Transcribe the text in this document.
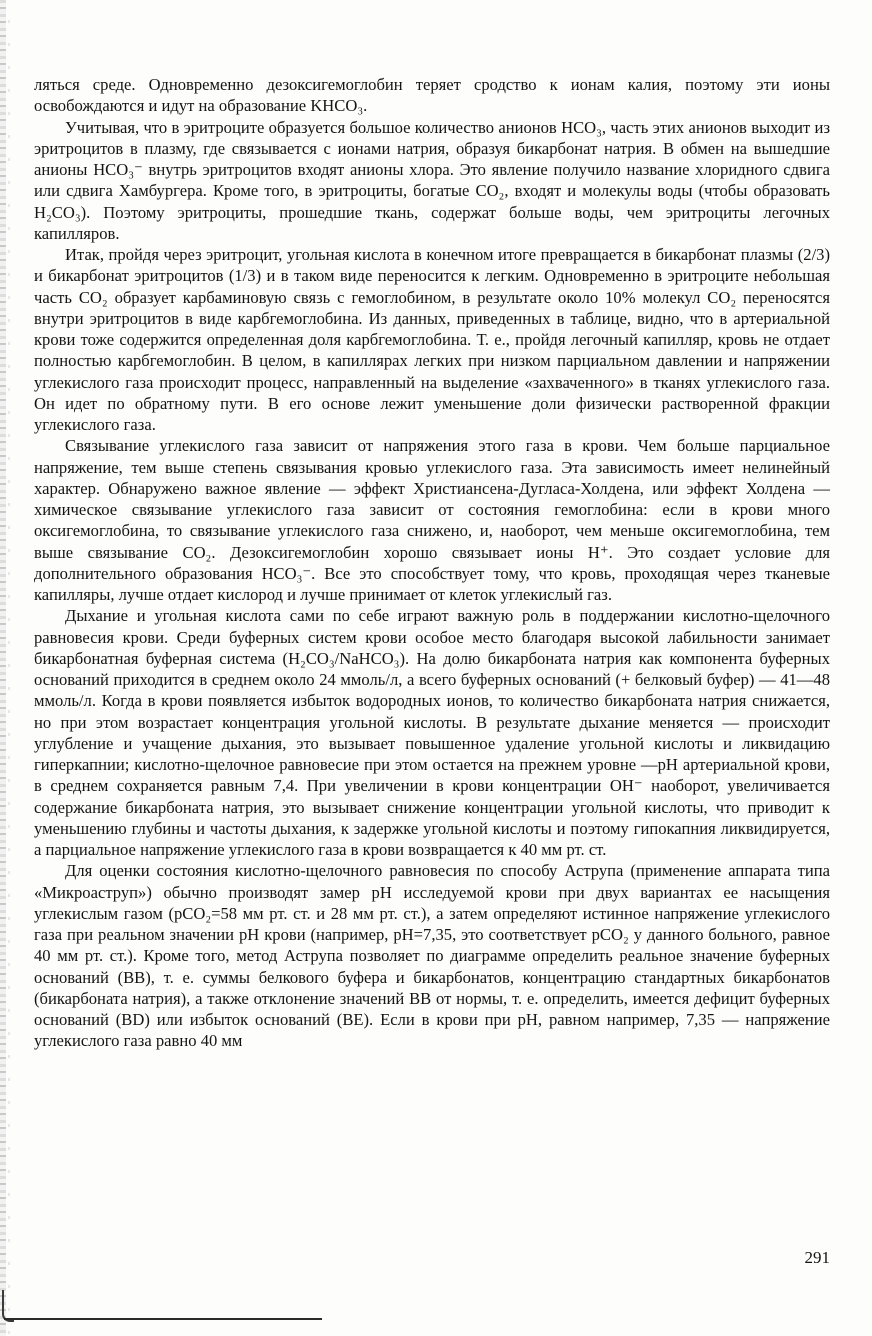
ляться среде. Одновременно дезоксигемоглобин теряет сродство к ионам калия, поэтому эти ионы освобождаются и идут на образование KHCO₃.

Учитывая, что в эритроците образуется большое количество анионов HCO₃, часть этих анионов выходит из эритроцитов в плазму, где связывается с ионами натрия, образуя бикарбонат натрия. В обмен на вышедшие анионы HCO₃⁻ внутрь эритроцитов входят анионы хлора. Это явление получило название хлоридного сдвига или сдвига Хамбургера. Кроме того, в эритроциты, богатые CO₂, входят и молекулы воды (чтобы образовать H₂CO₃). Поэтому эритроциты, прошедшие ткань, содержат больше воды, чем эритроциты легочных капилляров.

Итак, пройдя через эритроцит, угольная кислота в конечном итоге превращается в бикарбонат плазмы (2/3) и бикарбонат эритроцитов (1/3) и в таком виде переносится к легким. Одновременно в эритроците небольшая часть CO₂ образует карбаминовую связь с гемоглобином, в результате около 10% молекул CO₂ переносятся внутри эритроцитов в виде карбгемоглобина. Из данных, приведенных в таблице, видно, что в артериальной крови тоже содержится определенная доля карбгемоглобина. Т. е., пройдя легочный капилляр, кровь не отдает полностью карбгемоглобин. В целом, в капиллярах легких при низком парциальном давлении и напряжении углекислого газа происходит процесс, направленный на выделение «захваченного» в тканях углекислого газа. Он идет по обратному пути. В его основе лежит уменьшение доли физически растворенной фракции углекислого газа.

Связывание углекислого газа зависит от напряжения этого газа в крови. Чем больше парциальное напряжение, тем выше степень связывания кровью углекислого газа. Эта зависимость имеет нелинейный характер. Обнаружено важное явление — эффект Христиансена-Дугласа-Холдена, или эффект Холдена — химическое связывание углекислого газа зависит от состояния гемоглобина: если в крови много оксигемоглобина, то связывание углекислого газа снижено, и, наоборот, чем меньше оксигемоглобина, тем выше связывание CO₂. Дезоксигемоглобин хорошо связывает ионы H⁺. Это создает условие для дополнительного образования HCO₃⁻. Все это способствует тому, что кровь, проходящая через тканевые капилляры, лучше отдает кислород и лучше принимает от клеток углекислый газ.

Дыхание и угольная кислота сами по себе играют важную роль в поддержании кислотно-щелочного равновесия крови. Среди буферных систем крови особое место благодаря высокой лабильности занимает бикарбонатная буферная система (H₂CO₃/NaHCO₃). На долю бикарбоната натрия как компонента буферных оснований приходится в среднем около 24 ммоль/л, а всего буферных оснований (+ белковый буфер) — 41—48 ммоль/л. Когда в крови появляется избыток водородных ионов, то количество бикарбоната натрия снижается, но при этом возрастает концентрация угольной кислоты. В результате дыхание меняется — происходит углубление и учащение дыхания, это вызывает повышенное удаление угольной кислоты и ликвидацию гиперкапнии; кислотно-щелочное равновесие при этом остается на прежнем уровне —pH артериальной крови, в среднем сохраняется равным 7,4. При увеличении в крови концентрации OH⁻ наоборот, увеличивается содержание бикарбоната натрия, это вызывает снижение концентрации угольной кислоты, что приводит к уменьшению глубины и частоты дыхания, к задержке угольной кислоты и поэтому гипокапния ликвидируется, а парциальное напряжение углекислого газа в крови возвращается к 40 мм рт. ст.

Для оценки состояния кислотно-щелочного равновесия по способу Аструпа (применение аппарата типа «Микроаструп») обычно производят замер pH исследуемой крови при двух вариантах ее насыщения углекислым газом (pCO₂=58 мм рт. ст. и 28 мм рт. ст.), а затем определяют истинное напряжение углекислого газа при реальном значении pH крови (например, pH=7,35, это соответствует pCO₂ у данного больного, равное 40 мм рт. ст.). Кроме того, метод Аструпа позволяет по диаграмме определить реальное значение буферных оснований (BB), т. е. суммы белкового буфера и бикарбонатов, концентрацию стандартных бикарбонатов (бикарбоната натрия), а также отклонение значений BB от нормы, т. е. определить, имеется дефицит буферных оснований (BD) или избыток оснований (BE). Если в крови при pH, равном например, 7,35 — напряжение углекислого газа равно 40 мм

291
